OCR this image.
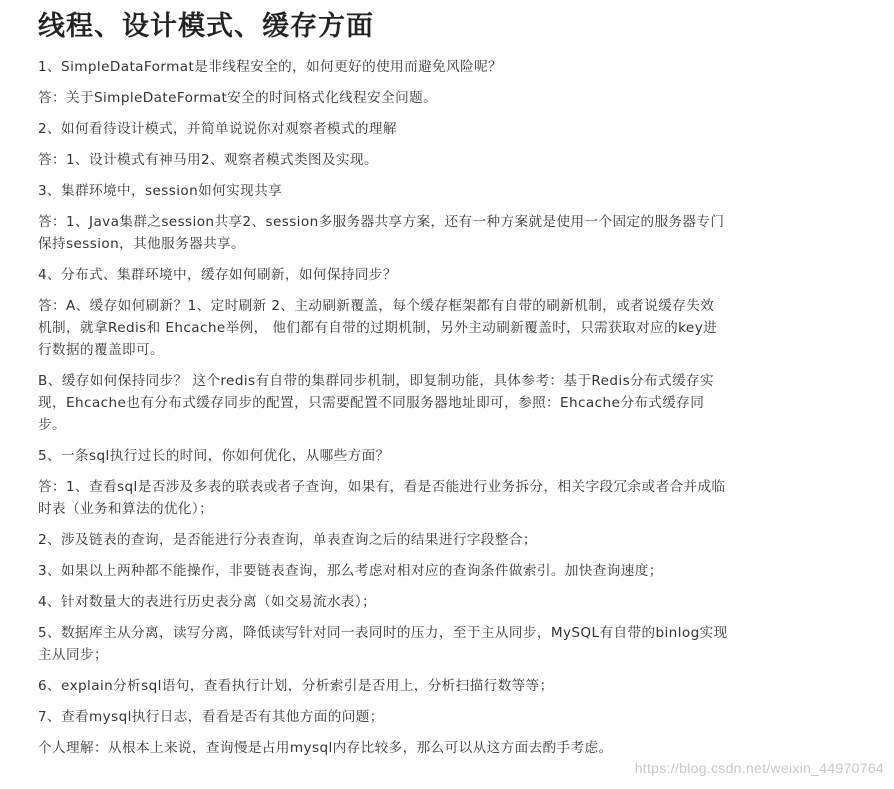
线程、设计模式、缓存方面

1、SimpleDataFormat是非线程安全的，如何更好的使用而避免风险呢？

答：关于SimpleDateFormat安全的时间格式化线程安全问题。

2、如何看待设计模式，并简单说说你对观察者模式的理解

答：1、设计模式有神马用2、观察者模式类图及实现。

3、集群环境中，session如何实现共享

答：1、Java集群之session共享2、session多服务器共享方案，还有一种方案就是使用一个固定的服务器专门保持session，其他服务器共享。

4、分布式、集群环境中，缓存如何刷新，如何保持同步？

答：A、缓存如何刷新？1、定时刷新 2、主动刷新覆盖，每个缓存框架都有自带的刷新机制，或者说缓存失效机制，就拿Redis和 Ehcache举例， 他们都有自带的过期机制，另外主动刷新覆盖时，只需获取对应的key进行数据的覆盖即可。

B、缓存如何保持同步？ 这个redis有自带的集群同步机制，即复制功能，具体参考：基于Redis分布式缓存实现，Ehcache也有分布式缓存同步的配置，只需要配置不同服务器地址即可，参照：Ehcache分布式缓存同步。

5、一条sql执行过长的时间，你如何优化，从哪些方面？

答：1、查看sql是否涉及多表的联表或者子查询，如果有，看是否能进行业务拆分，相关字段冗余或者合并成临时表（业务和算法的优化）；

2、涉及链表的查询，是否能进行分表查询，单表查询之后的结果进行字段整合；

3、如果以上两种都不能操作，非要链表查询，那么考虑对相对应的查询条件做索引。加快查询速度；

4、针对数量大的表进行历史表分离（如交易流水表）；

5、数据库主从分离，读写分离，降低读写针对同一表同时的压力，至于主从同步，MySQL有自带的binlog实现 主从同步；

6、explain分析sql语句，查看执行计划，分析索引是否用上，分析扫描行数等等；

7、查看mysql执行日志，看看是否有其他方面的问题；

个人理解：从根本上来说，查询慢是占用mysql内存比较多，那么可以从这方面去酌手考虑。

https://blog.csdn.net/weixin_44970764
